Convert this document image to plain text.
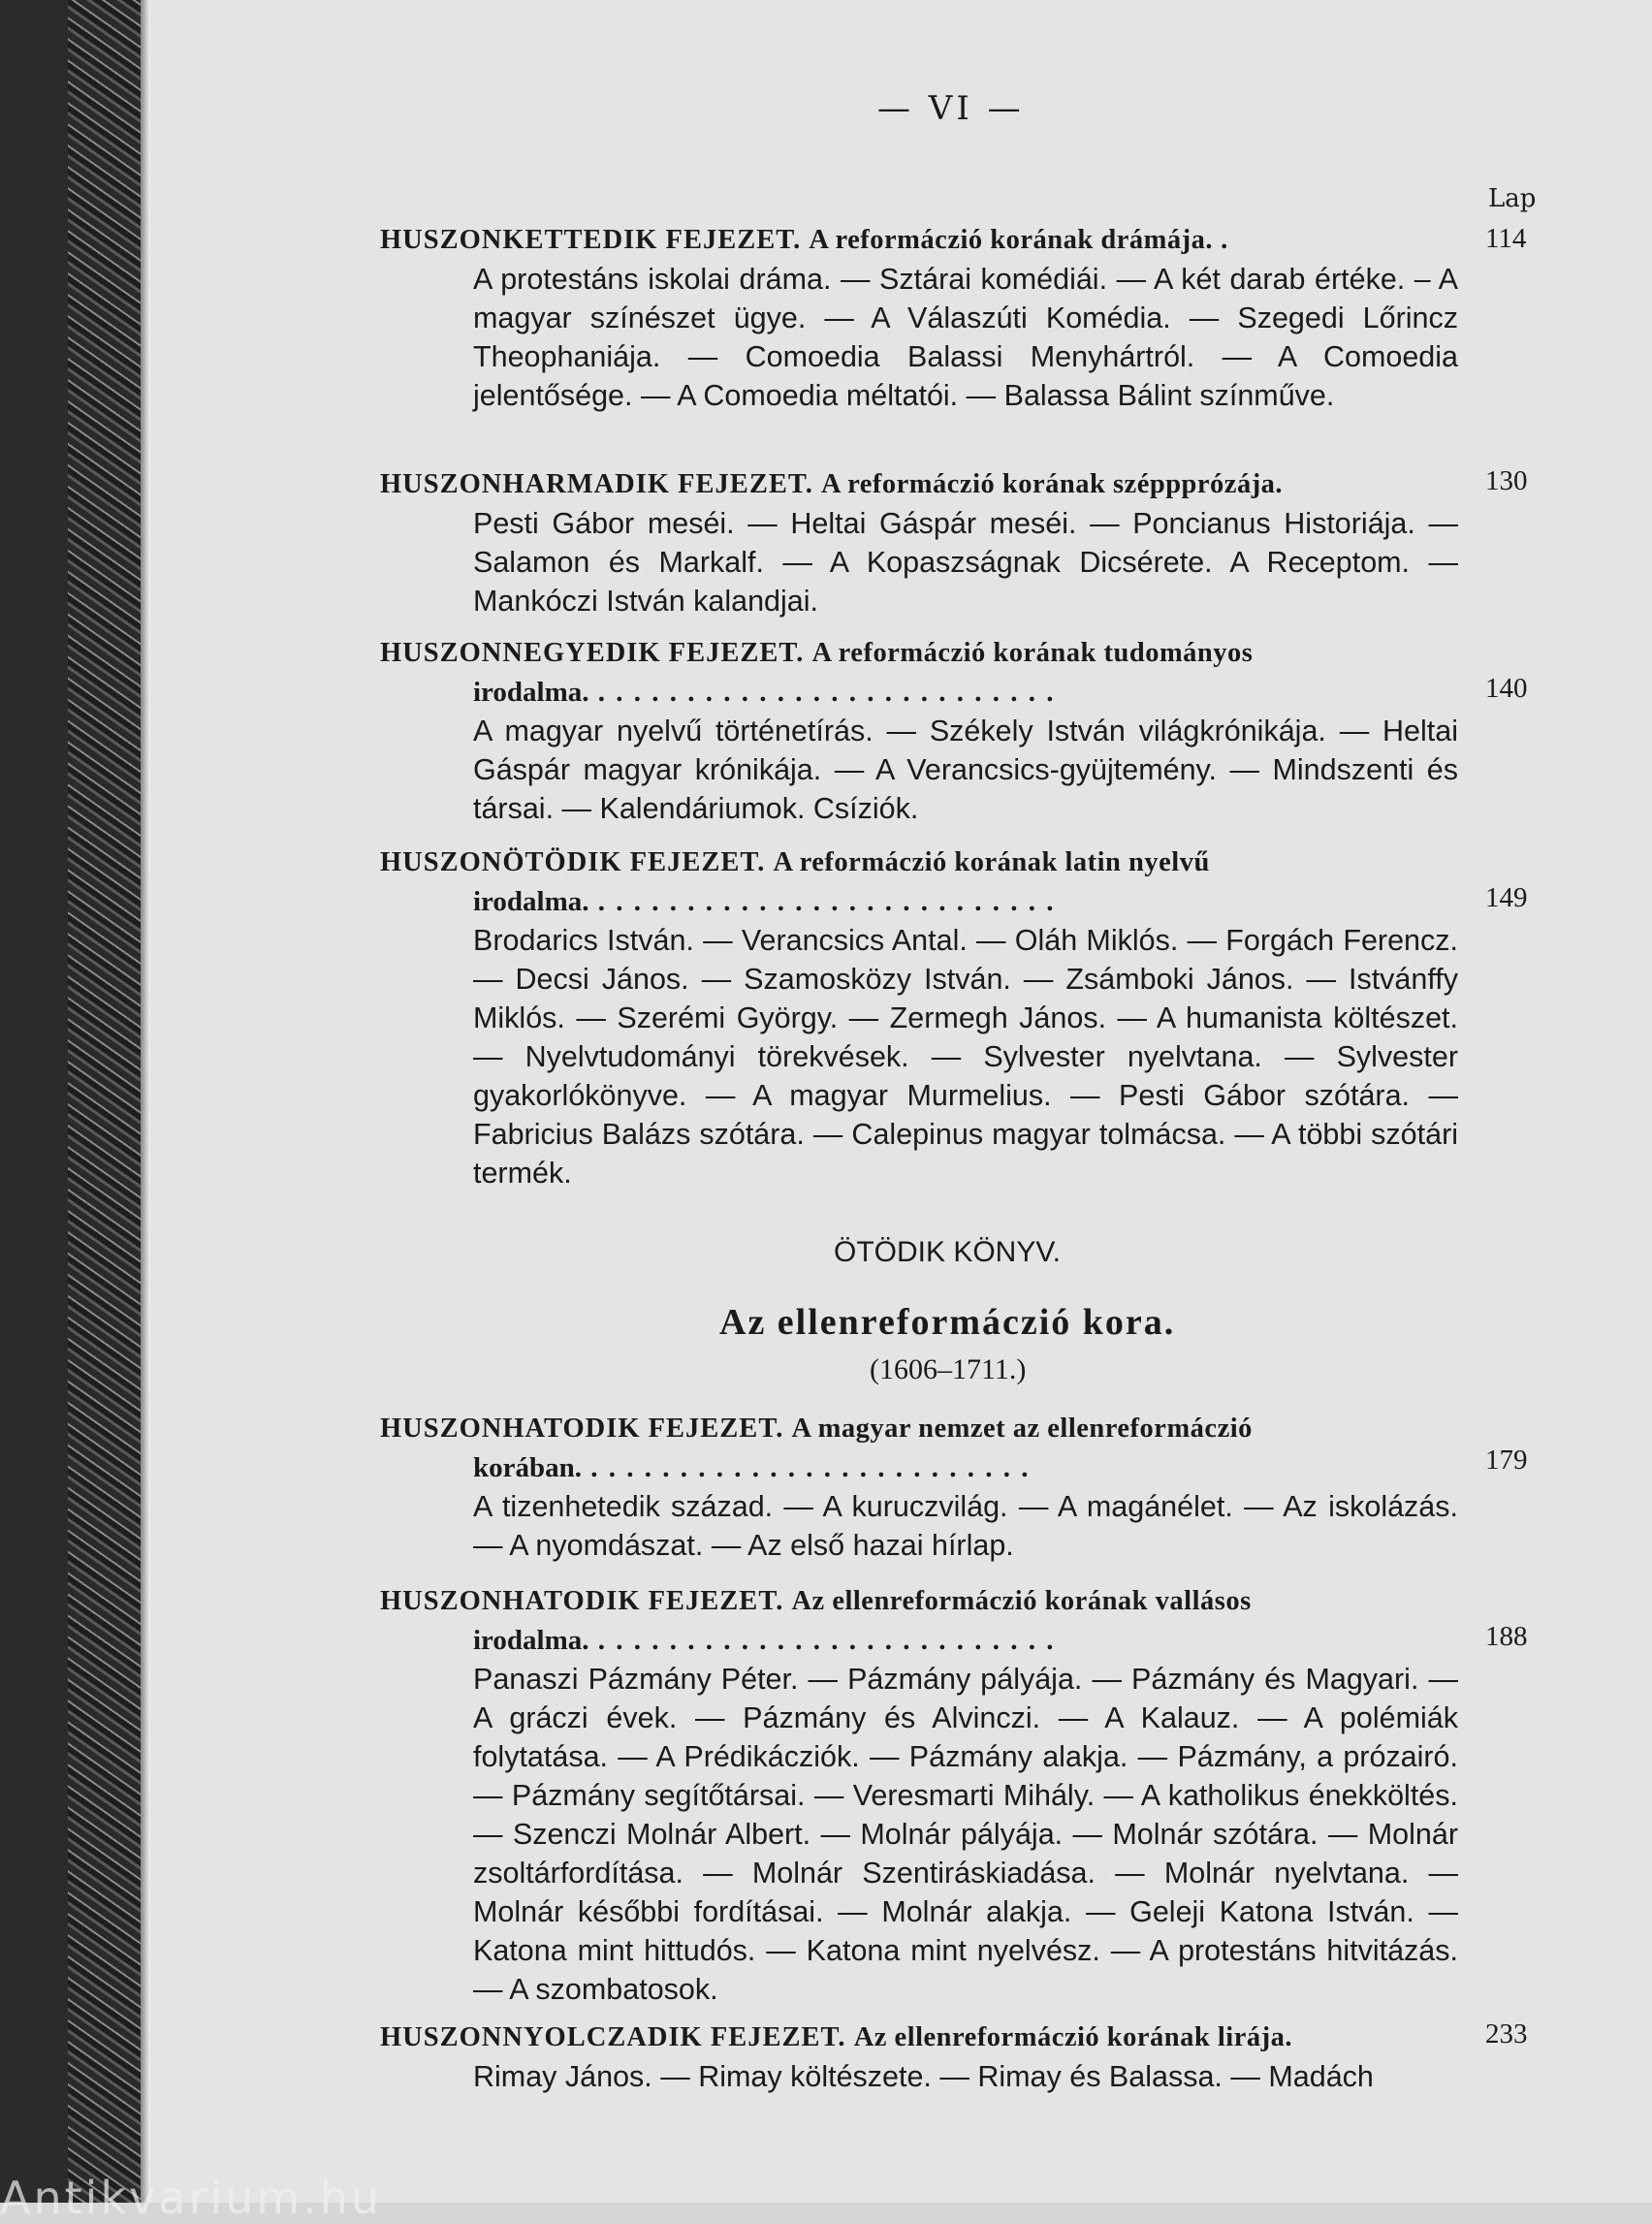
— VI —
Lap
HUSZONKETTEDIK FEJEZET. A reformáczió korának drámája. .	114
A protestáns iskolai dráma. — Sztárai komédiái. — A két darab értéke. – A magyar színészet ügye. — A Válaszúti Komédia. — Szegedi Lőrincz Theophaniája. — Comoedia Balassi Menyhártról. — A Comoedia jelentősége. — A Comoedia méltatói. — Balassa Bálint színműve.
HUSZONHARMADIK FEJEZET. A reformáczió korának széppprózája.	130
Pesti Gábor meséi. — Heltai Gáspár meséi. — Poncianus Historiája. — Salamon és Markalf. — A Kopaszságnak Dicsérete. A Receptom. — Mankóczi István kalandjai.
HUSZONNEGYEDIK FEJEZET. A reformáczió korának tudományos
irodalma. . . . . . . . . . . . . . . . . . . . . . . . . . .	140
A magyar nyelvű történetírás. — Székely István világkrónikája. — Heltai Gáspár magyar krónikája. — A Verancsics-gyüjtemény. — Mindszenti és társai. — Kalendáriumok. Csíziók.
HUSZONÖTÖDIK FEJEZET. A reformáczió korának latin nyelvű
irodalma. . . . . . . . . . . . . . . . . . . . . . . . . . .	149
Brodarics István. — Verancsics Antal. — Oláh Miklós. — Forgách Ferencz. — Decsi János. — Szamosközy István. — Zsámboki János. — Istvánffy Miklós. — Szerémi György. — Zermegh János. — A humanista költészet. — Nyelvtudományi törekvések. — Sylvester nyelvtana. — Sylvester gyakorlókönyve. — A magyar Murmelius. — Pesti Gábor szótára. — Fabricius Balázs szótára. — Calepinus magyar tolmácsa. — A többi szótári termék.
ÖTÖDIK KÖNYV.
Az ellenreformáczió kora.
(1606–1711.)
HUSZONHATODIK FEJEZET. A magyar nemzet az ellenreformáczió
korában. . . . . . . . . . . . . . . . . . . . . . . . . .	179
A tizenhetedik század. — A kuruczvilág. — A magánélet. — Az iskolázás. — A nyomdászat. — Az első hazai hírlap.
HUSZONHATODIK FEJEZET. Az ellenreformáczió korának vallásos
irodalma. . . . . . . . . . . . . . . . . . . . . . . . . . .	188
Panaszi Pázmány Péter. — Pázmány pályája. — Pázmány és Magyari. — A gráczi évek. — Pázmány és Alvinczi. — A Kalauz. — A polémiák folytatása. — A Prédikácziók. — Pázmány alakja. — Pázmány, a prózairó. — Pázmány segítőtársai. — Veresmarti Mihály. — A katholikus énekköltés. — Szenczi Molnár Albert. — Molnár pályája. — Molnár szótára. — Molnár zsoltárfordítása. — Molnár Szentiráskiadása. — Molnár nyelvtana. — Molnár későbbi fordításai. — Molnár alakja. — Geleji Katona István. — Katona mint hittudós. — Katona mint nyelvész. — A protestáns hitvitázás. — A szombatosok.
HUSZONNYOLCZADIK FEJEZET. Az ellenreformáczió korának lirája.	233
Rimay János. — Rimay költészete. — Rimay és Balassa. — Madách
Antikvarium.hu
